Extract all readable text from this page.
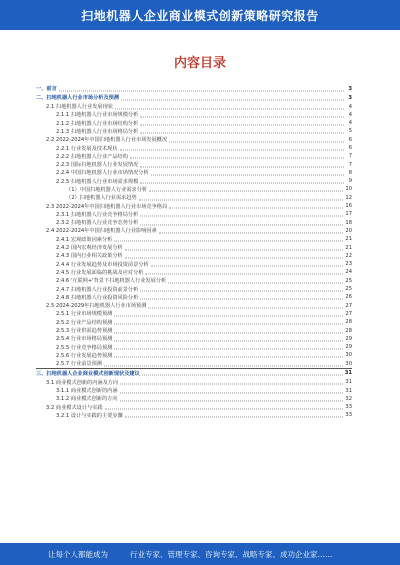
扫地机器人企业商业模式创新策略研究报告
内容目录
一、前言	3
二、扫地机器人行业市场分析及预测	3
2.1 扫地机器人行业发展现状	4
2.1.1 扫地机器人行业市场规模分析	4
2.1.2 扫地机器人行业市场结构分析	4
2.1.3 扫地机器人行业市场格局分析	5
2.2 2022-2024年中国扫地机器人行业市场发展概况	6
2.2.1 行业发展及技术现状	6
2.2.2 扫地机器人行业产品结构	7
2.2.3 国际扫地机器人行业发展情况	7
2.2.4 中国扫地机器人行业市场情况分析	8
2.2.5 扫地机器人行业市场需求规模	9
（1）中国扫地机器人行业需求分析	10
（2）扫地机器人行业需求趋势	12
2.3 2022-2024年中国扫地机器人行业市场竞争格局	16
2.3.1 扫地机器人行业竞争格局分析	17
2.3.2 扫地机器人行业竞争态势分析	18
2.4 2022-2024年中国扫地机器人行业影响因素	20
2.4.1 宏观政策因素分析	21
2.4.2 国内宏观经济发展分析	21
2.4.3 国内行业相关政策分析	22
2.4.4 行业发展趋势及市场投资前景分析	23
2.4.5 行业发展面临的挑战及应对分析	24
2.4.6 '互联网+'背景下扫地机器人行业发展分析	25
2.4.7 扫地机器人行业投资前景分析	25
2.4.8 扫地机器人行业投资风险分析	26
2.5 2024-2029年扫地机器人行业市场预测	27
2.5.1 行业市场规模预测	27
2.5.2 行业产品结构预测	28
2.5.3 行业供需趋势预测	28
2.5.4 行业市场格局预测	29
2.5.5 行业竞争格局预测	29
2.5.6 行业发展趋势预测	30
2.5.7 行业前景预测	30
三、扫地机器人企业商业模式创新现状及建议	31
3.1 商业模式创新的内涵及方向	31
3.1.1 商业模式创新的内涵	31
3.1.2 商业模式创新的方向	32
3.2 商业模式设计与实践	33
3.2.1 设计与实践的主要步骤	33
让每个人都能成为	行业专家、管理专家、咨询专家、战略专家、成功企业家……
